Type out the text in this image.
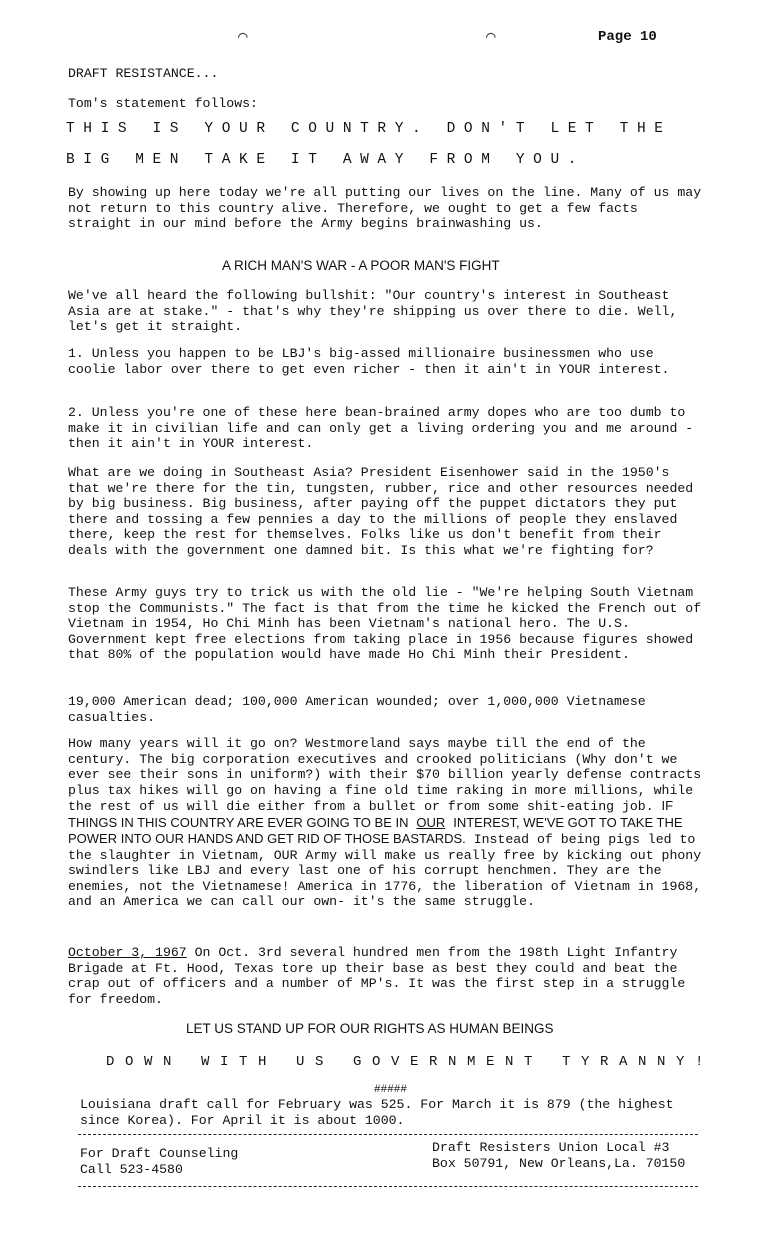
⌒	⌒	Page 10

DRAFT RESISTANCE...

Tom's statement follows:

THIS IS YOUR COUNTRY. DON'T LET THE
BIG MEN TAKE IT AWAY FROM YOU.

By showing up here today we're all putting our lives on the line. Many of us may not return to this country alive. Therefore, we ought to get a few facts straight in our mind before the Army begins brainwashing us.

A RICH MAN'S WAR - A POOR MAN'S FIGHT

We've all heard the following bullshit: "Our country's interest in Southeast Asia are at stake." - that's why they're shipping us over there to die. Well, let's get it straight.

1. Unless you happen to be LBJ's big-assed millionaire businessmen who use coolie labor over there to get even richer - then it ain't in YOUR interest.

2. Unless you're one of these here bean-brained army dopes who are too dumb to make it in civilian life and can only get a living ordering you and me around - then it ain't in YOUR interest.

What are we doing in Southeast Asia? President Eisenhower said in the 1950's that we're there for the tin, tungsten, rubber, rice and other resources needed by big business. Big business, after paying off the puppet dictators they put there and tossing a few pennies a day to the millions of people they enslaved there, keep the rest for themselves. Folks like us don't benefit from their deals with the government one damned bit. Is this what we're fighting for?

These Army guys try to trick us with the old lie - "We're helping South Vietnam stop the Communists." The fact is that from the time he kicked the French out of Vietnam in 1954, Ho Chi Minh has been Vietnam's national hero. The U.S. Government kept free elections from taking place in 1956 because figures showed that 80% of the population would have made Ho Chi Minh their President.

19,000 American dead; 100,000 American wounded; over 1,000,000 Vietnamese casualties.

How many years will it go on? Westmoreland says maybe till the end of the century. The big corporation executives and crooked politicians (Why don't we ever see their sons in uniform?) with their $70 billion yearly defense contracts plus tax hikes will go on having a fine old time raking in more millions, while the rest of us will die either from a bullet or from some shit-eating job. IF THINGS IN THIS COUNTRY ARE EVER GOING TO BE IN OUR INTEREST, WE'VE GOT TO TAKE THE POWER INTO OUR HANDS AND GET RID OF THOSE BASTARDS. Instead of being pigs led to the slaughter in Vietnam, OUR Army will make us really free by kicking out phony swindlers like LBJ and every last one of his corrupt henchmen. They are the enemies, not the Vietnamese! America in 1776, the liberation of Vietnam in 1968, and an America we can call our own- it's the same struggle.

October 3, 1967 On Oct. 3rd several hundred men from the 198th Light Infantry Brigade at Ft. Hood, Texas tore up their base as best they could and beat the crap out of officers and a number of MP's. It was the first step in a struggle for freedom.

LET US STAND UP FOR OUR RIGHTS AS HUMAN BEINGS
DOWN WITH US GOVERNMENT TYRANNY!
#####

Louisiana draft call for February was 525. For March it is 879 (the highest since Korea). For April it is about 1000.

For Draft Counseling
Call 523-4580
Draft Resisters Union Local #3
Box 50791, New Orleans,La. 70150
